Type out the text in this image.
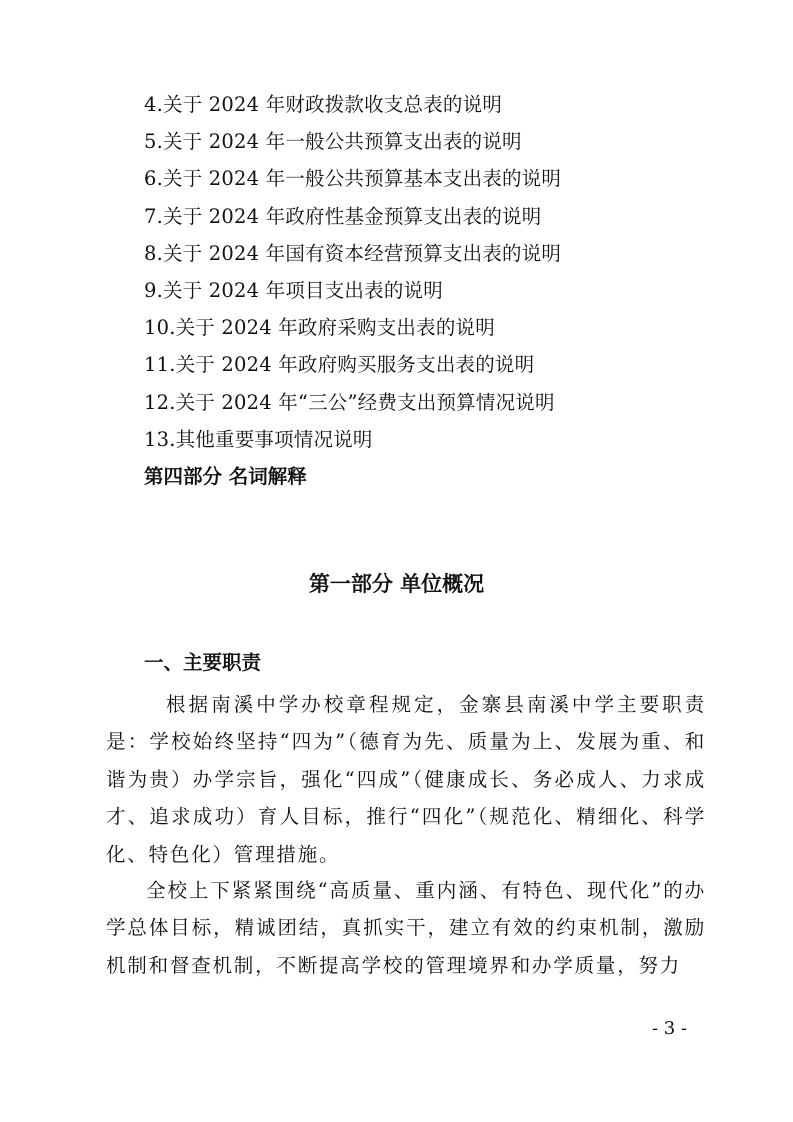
4.关于 2024 年财政拨款收支总表的说明
5.关于 2024 年一般公共预算支出表的说明
6.关于 2024 年一般公共预算基本支出表的说明
7.关于 2024 年政府性基金预算支出表的说明
8.关于 2024 年国有资本经营预算支出表的说明
9.关于 2024 年项目支出表的说明
10.关于 2024 年政府采购支出表的说明
11.关于 2024 年政府购买服务支出表的说明
12.关于 2024 年“三公”经费支出预算情况说明
13.其他重要事项情况说明
第四部分 名词解释
第一部分 单位概况
一、主要职责

根据南溪中学办校章程规定，金寨县南溪中学主要职责是：学校始终坚持“四为”（德育为先、质量为上、发展为重、和谐为贵）办学宗旨，强化“四成”（健康成长、务必成人、力求成才、追求成功）育人目标，推行“四化”（规范化、精细化、科学化、特色化）管理措施。

全校上下紧紧围绕“高质量、重内涵、有特色、现代化”的办学总体目标，精诚团结，真抓实干，建立有效的约束机制，激励机制和督查机制，不断提高学校的管理境界和办学质量，努力

- 3 -
